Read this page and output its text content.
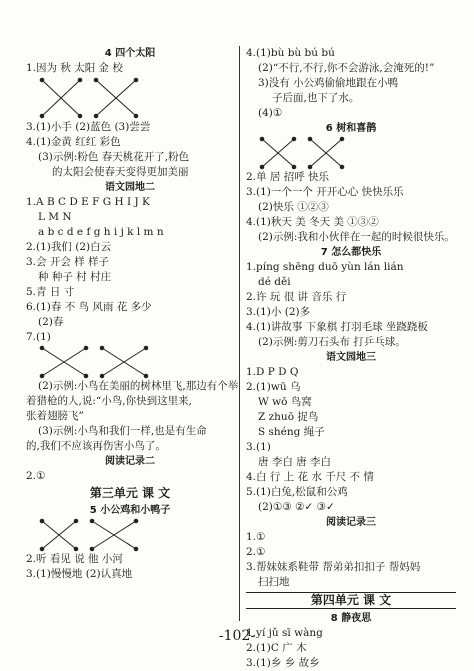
4 四个太阳
1.因为 秋 太阳 金 校
3.(1)小手 (2)蓝色 (3)尝尝
4.(1)金黄 红红 彩色
(3)示例:粉色 春天桃花开了,粉色
的太阳会使春天变得更加美丽
语文园地二
1.A B C D E F G H I J K
L M N
a b c d e f g h i j k l m n
2.(1)我们 (2)白云
3.会 开会 样 样子
种 种子 村 村庄
5.青 日 寸
6.(1)春 不 鸟 风雨 花 多少
(2)春
7.(1)
(2)示例:小鸟在美丽的树林里飞,那边有个举
着猎枪的人,说:“小鸟,你快到这里来,
张着翅膀飞”
(3)示例:小鸟和我们一样,也是有生命
的,我们不应该再伤害小鸟了。
阅读记录二
2.①
第三单元 课 文
5 小公鸡和小鸭子
2.听 看见 说 他 小河
3.(1)慢慢地 (2)认真地
4.(1)bù bù bú bú
(2)“不行,不行,你不会游泳,会淹死的!”
3)没有 小公鸡偷偷地跟在小鸭
子后面,也下了水。
(4)①
6 树和喜鹊
2.单 居 招呼 快乐
3.(1)一个一个 开开心心 快快乐乐
(2)快乐 ①②③
4.(1)秋天 美 冬天 美 ①③②
(2)示例:我和小伙伴在一起的时候很快乐。
7 怎么都快乐
1.píng shēng duō yùn lán lián
dé děi
2.许 玩 很 讲 音乐 行
3.(1)小 (2)多
4.(1)讲故事 下象棋 打羽毛球 坐跷跷板
(2)示例:剪刀石头布 打乒乓球。
语文园地三
1.D P D Q
2.(1)wū 乌
W wō 鸟窝
Z zhuō 捉鸟
S shéng 绳子
3.(1)
唐 李白 唐 李白
4.白 行 上 花 水 千尺 不 情
5.(1)白兔,松鼠和公鸡
(2)①③ ②✓ ③✓
阅读记录三
1.①
2.①
3.帮妹妹系鞋带 帮弟弟扣扣子 帮妈妈
扫扫地
第四单元 课 文
8 静夜思
1.yí jǔ sī wàng
2.(1)C 广 木
3.(1)乡 乡 故乡
-102-
